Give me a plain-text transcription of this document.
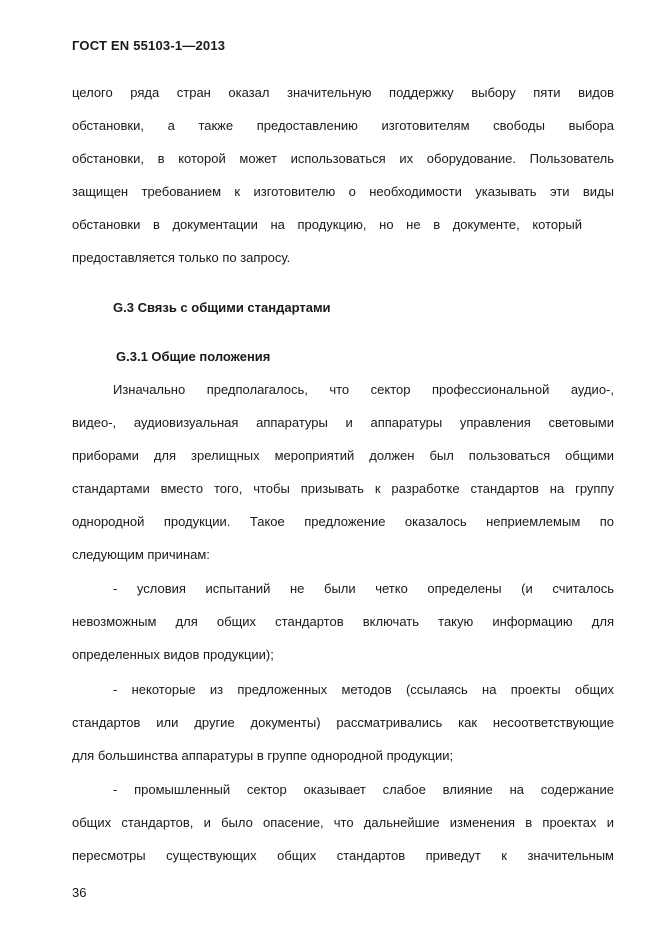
ГОСТ EN 55103-1—2013
целого ряда стран оказал значительную поддержку выбору пяти видов
обстановки, а также предоставлению изготовителям свободы выбора
обстановки, в которой может использоваться их оборудование. Пользователь
защищен требованием к изготовителю о необходимости указывать эти виды
обстановки в документации на продукцию, но не в документе, который
предоставляется только по запросу.
G.3 Связь с общими стандартами
G.3.1 Общие положения
Изначально предполагалось, что сектор профессиональной аудио-,
видео-, аудиовизуальная аппаратуры и аппаратуры управления световыми
приборами для зрелищных мероприятий должен был пользоваться общими
стандартами вместо того, чтобы призывать к разработке стандартов на группу
однородной продукции. Такое предложение оказалось неприемлемым по
следующим причинам:
- условия испытаний не были четко определены (и считалось
невозможным для общих стандартов включать такую информацию для
определенных видов продукции);
- некоторые из предложенных методов (ссылаясь на проекты общих
стандартов или другие документы) рассматривались как несоответствующие
для большинства аппаратуры в группе однородной продукции;
- промышленный сектор оказывает слабое влияние на содержание
общих стандартов, и было опасение, что дальнейшие изменения в проектах и
пересмотры существующих общих стандартов приведут к значительным
36
